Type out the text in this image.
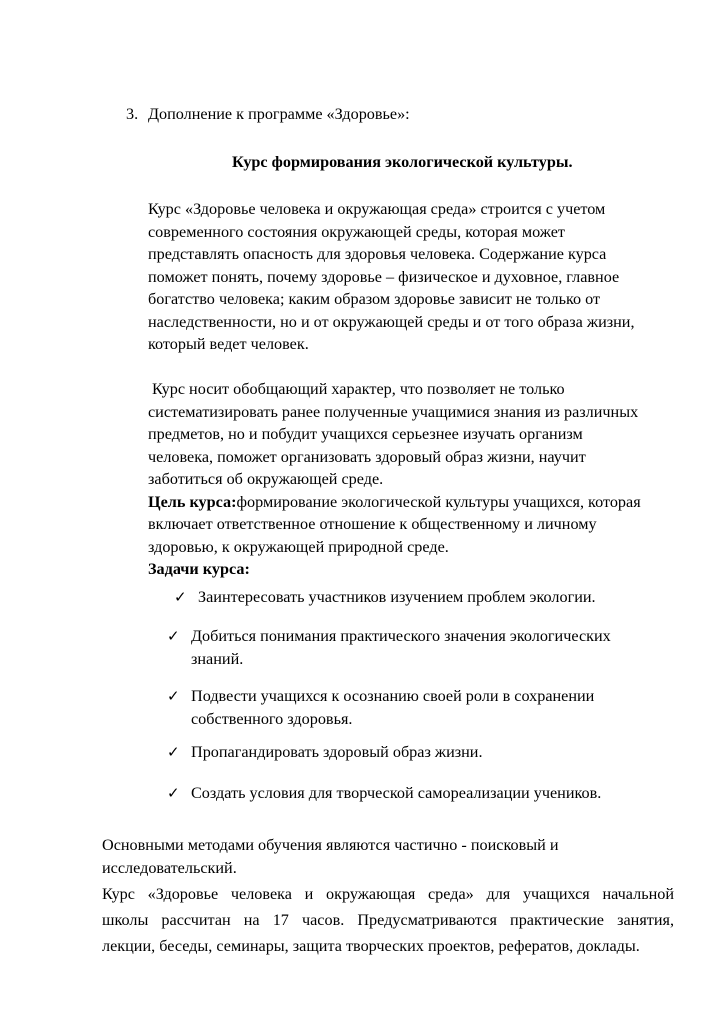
3. Дополнение к программе «Здоровье»:
Курс формирования экологической культуры.
Курс «Здоровье человека и окружающая среда» строится с учетом
современного состояния окружающей среды, которая может
представлять опасность для здоровья человека. Содержание курса
поможет понять, почему здоровье – физическое и духовное, главное
богатство человека; каким образом здоровье зависит не только от
наследственности, но и от окружающей среды и от того образа жизни,
который ведет человек.
Курс носит обобщающий характер, что позволяет не только
систематизировать ранее полученные учащимися знания из различных
предметов, но и побудит учащихся серьезнее изучать организм
человека, поможет организовать здоровый образ жизни, научит
заботиться об окружающей среде.
Цель курса:формирование экологической культуры учащихся, которая
включает ответственное отношение к общественному и личному
здоровью, к окружающей природной среде.
Задачи курса:
✓ Заинтересовать участников изучением проблем экологии.
✓ Добиться понимания практического значения экологических
знаний.
✓ Подвести учащихся к осознанию своей роли в сохранении
собственного здоровья.
✓ Пропагандировать здоровый образ жизни.
✓ Создать условия для творческой самореализации учеников.
Основными методами обучения являются частично - поисковый и
исследовательский.
Курс «Здоровье человека и окружающая среда» для учащихся начальной
школы рассчитан на 17 часов. Предусматриваются практические занятия,
лекции, беседы, семинары, защита творческих проектов, рефератов, доклады.
